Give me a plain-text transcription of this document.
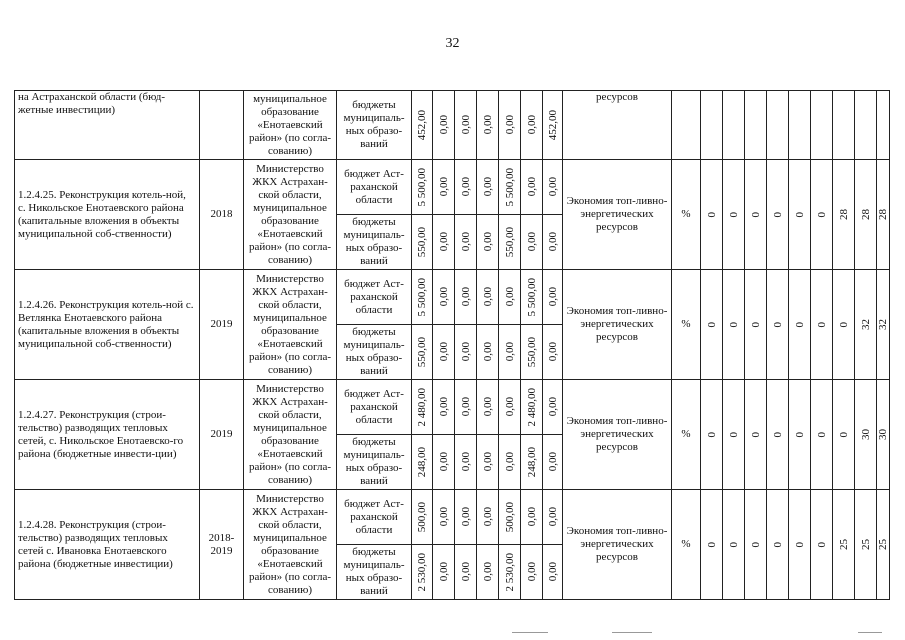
32
на Астраханской области (бюд-жетные инвестиции)		муниципальное образование «Енотаевский район» (по согла-сованию)	бюджеты муниципаль-ных образо-ваний	452,00	0,00	0,00	0,00	0,00	0,00	452,00	ресурсов										
1.2.4.25. Реконструкция котель-ной, с. Никольское Енотаевского района (капитальные вложения в объекты муниципальной соб-ственности)	2018	Министерство ЖКХ Астрахан-ской области, муниципальное образование «Енотаевский район» (по согла-сованию)	бюджет Аст-раханской области	5 500,00	0,00	0,00	0,00	5 500,00	0,00	0,00	Экономия топ-ливно-энергетических ресурсов	%	0	0	0	0	0	0	28	28	28

			бюджеты муниципаль-ных образо-ваний	550,00	0,00	0,00	0,00	550,00	0,00	0,00											

1.2.4.26. Реконструкция котель-ной с. Ветлянка Енотаевского района (капитальные вложения в объекты муниципальной соб-ственности)	2019	Министерство ЖКХ Астрахан-ской области, муниципальное образование «Енотаевский район» (по согла-сованию)	бюджет Аст-раханской области	5 500,00	0,00	0,00	0,00	0,00	5 500,00	0,00	Экономия топ-ливно-энергетических ресурсов	%	0	0	0	0	0	0	0	32	32

			бюджеты муниципаль-ных образо-ваний	550,00	0,00	0,00	0,00	0,00	550,00	0,00											

1.2.4.27. Реконструкция (строи-тельство) разводящих тепловых сетей, с. Никольское Енотаевско-го района (бюджетные инвести-ции)	2019	Министерство ЖКХ Астрахан-ской области, муниципальное образование «Енотаевский район» (по согла-сованию)	бюджет Аст-раханской области	2 480,00	0,00	0,00	0,00	0,00	2 480,00	0,00	Экономия топ-ливно-энергетических ресурсов	%	0	0	0	0	0	0	0	30	30

			бюджеты муниципаль-ных образо-ваний	248,00	0,00	0,00	0,00	0,00	248,00	0,00											

1.2.4.28. Реконструкция (строи-тельство) разводящих тепловых сетей с. Ивановка Енотаевского района (бюджетные инвестиции)	2018-2019	Министерство ЖКХ Астрахан-ской области, муниципальное образование «Енотаевский район» (по согла-сованию)	бюджет Аст-раханской области	500,00	0,00	0,00	0,00	500,00	0,00	0,00	Экономия топ-ливно-энергетических ресурсов	%	0	0	0	0	0	0	25	25	25

			бюджеты муниципаль-ных образо-ваний	2 530,00	0,00	0,00	0,00	2 530,00	0,00	0,00											
